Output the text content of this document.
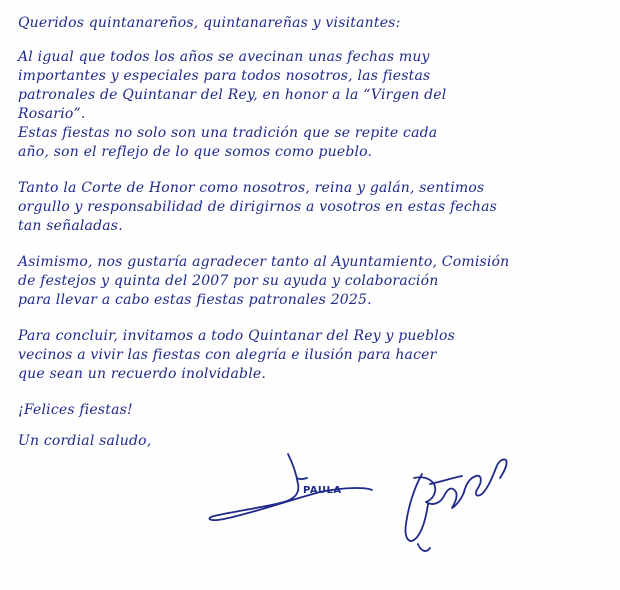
Queridos quintanareños, quintanareñas y visitantes:
Al igual que todos los años se avecinan unas fechas muy
importantes y especiales para todos nosotros, las fiestas
patronales de Quintanar del Rey, en honor a la “Virgen del
Rosario”.
Estas fiestas no solo son una tradición que se repite cada
año, son el reflejo de lo que somos como pueblo.
Tanto la Corte de Honor como nosotros, reina y galán, sentimos
orgullo y responsabilidad de dirigirnos a vosotros en estas fechas
tan señaladas.
Asimismo, nos gustaría agradecer tanto al Ayuntamiento, Comisión
de festejos y quinta del 2007 por su ayuda y colaboración
para llevar a cabo estas fiestas patronales 2025.
Para concluir, invitamos a todo Quintanar del Rey y pueblos
vecinos a vivir las fiestas con alegría e ilusión para hacer
que sean un recuerdo inolvidable.
¡Felices fiestas!
Un cordial saludo,
PAULA
